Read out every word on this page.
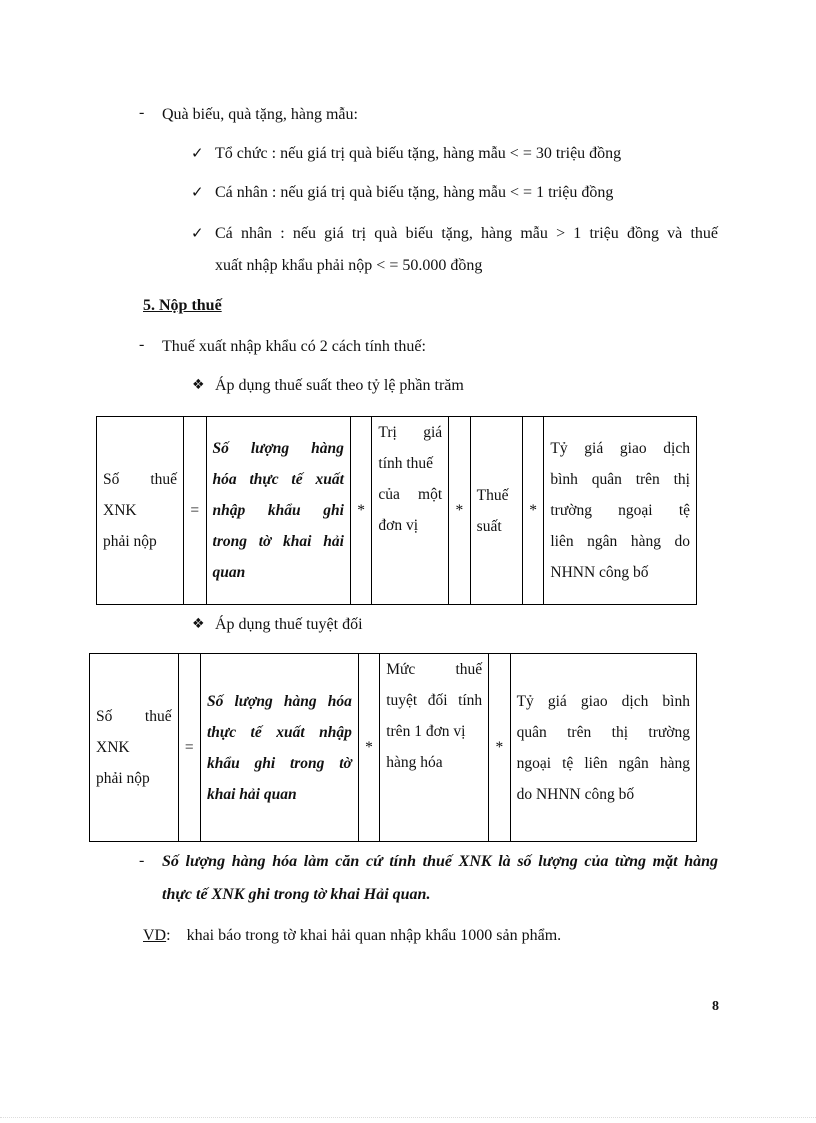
- Quà biếu, quà tặng, hàng mẫu:
✓ Tổ chức : nếu giá trị quà biếu tặng, hàng mẫu < = 30 triệu đồng
✓ Cá nhân : nếu giá trị quà biếu tặng, hàng mẫu < = 1 triệu đồng
✓ Cá nhân : nếu giá trị quà biếu tặng, hàng mẫu > 1 triệu đồng và thuế
xuất nhập khẩu phải nộp < = 50.000 đồng
5. Nộp thuế
- Thuế xuất nhập khẩu có 2 cách tính thuế:
❖ Áp dụng thuế suất theo tỷ lệ phần trăm
Số thuế
XNK
phải nộp
	=	
Số lượng hàng
hóa thực tế xuất
nhập khẩu ghi
trong tờ khai hải
quan
	*	
Trị giá
tính thuế
của một
đơn vị
	*	
Thuế
suất
	*	
Tỷ giá giao dịch
bình quân trên thị
trường ngoại tệ
liên ngân hàng do
NHNN công bố
❖ Áp dụng thuế tuyệt đối
Số thuế
XNK
phải nộp
	=	
Số lượng hàng hóa
thực tế xuất nhập
khẩu ghi trong tờ
khai hải quan
	*	
Mức thuế
tuyệt đối tính
trên 1 đơn vị
hàng hóa
	*	
Tỷ giá giao dịch bình
quân trên thị trường
ngoại tệ liên ngân hàng
do NHNN công bố
- Số lượng hàng hóa làm căn cứ tính thuế XNK là số lượng của từng mặt hàng
thực tế XNK ghi trong tờ khai Hải quan.
VD: khai báo trong tờ khai hải quan nhập khẩu 1000 sản phẩm.
8
